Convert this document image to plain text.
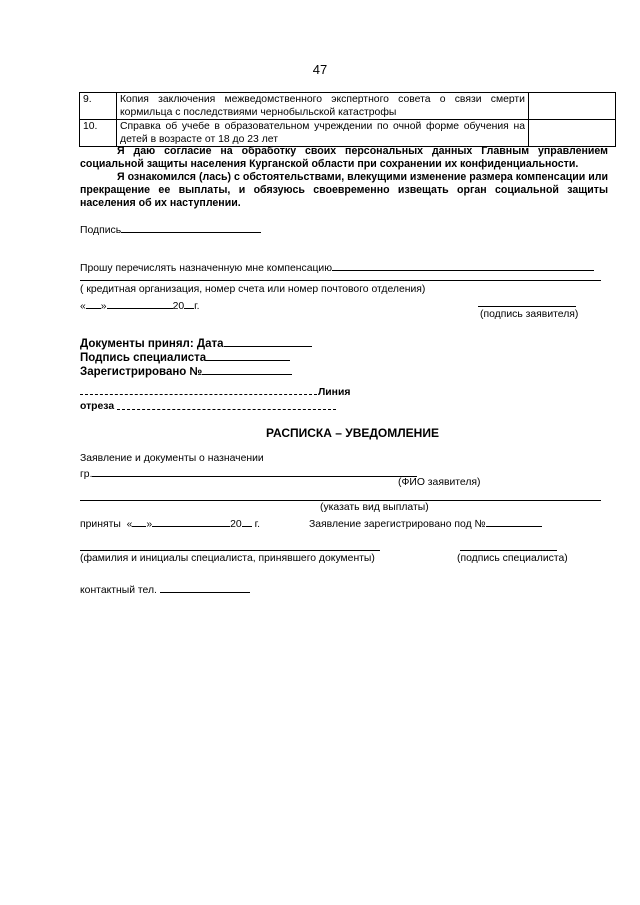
47
9.	Копия заключения межведомственного экспертного совета о связи смерти кормильца с последствиями чернобыльской катастрофы	
10.	Справка об учебе в образовательном учреждении по очной форме обучения на детей в возрасте от 18 до 23 лет	
Я даю согласие на обработку своих персональных данных Главным управлением социальной защиты населения Курганской области при сохранении их конфиденциальности.
Я ознакомился (лась) с обстоятельствами, влекущими изменение размера компенсации или прекращение ее выплаты, и обязуюсь своевременно извещать орган социальной защиты населения об их наступлении.
Подпись
Прошу перечислять назначенную мне компенсацию
( кредитная организация, номер счета или номер почтового отделения)
« »	20 г.
(подпись заявителя)
Документы принял: Дата
Подпись специалиста
Зарегистрировано №
Линия
отреза
РАСПИСКА – УВЕДОМЛЕНИЕ
Заявление и документы о назначении
гр.
(ФИО заявителя)
(указать вид выплаты)
приняты « »	20 г.	Заявление зарегистрировано под №
(фамилия и инициалы специалиста, принявшего документы)	(подпись специалиста)
контактный тел.
